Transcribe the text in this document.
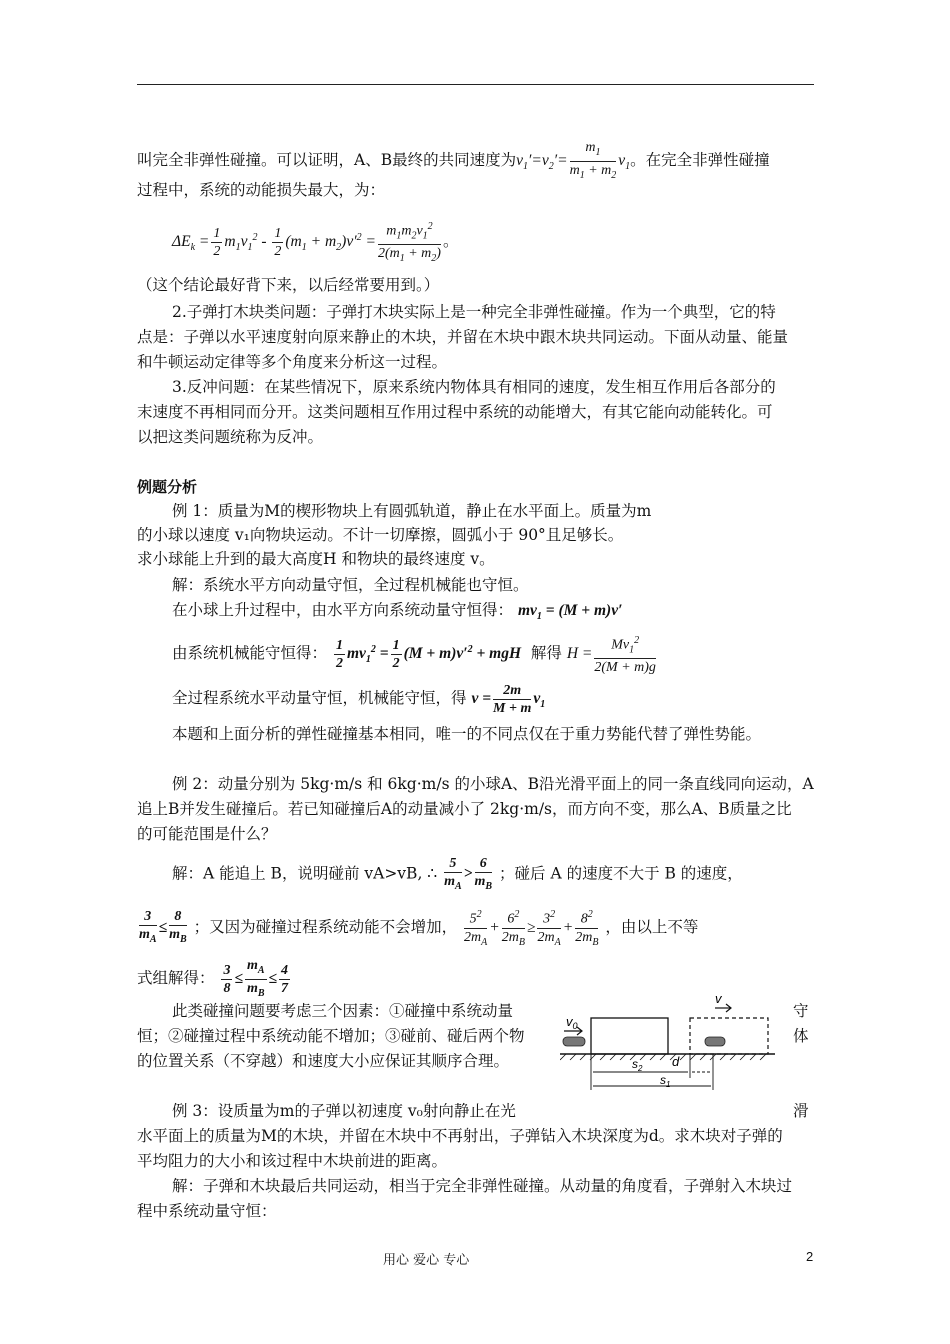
叫完全非弹性碰撞。可以证明，A、B最终的共同速度为$v_1'=v_2'= \frac{m_1}{m_1 + m_2} v_1$。在完全非弹性碰撞
过程中，系统的动能损失最大，为：
$\Delta E_k = \frac{1}{2} m_1v_1^2 - \frac{1}{2} (m_1 + m_2)v'^2 = \frac{m_1m_2v_1^2}{2(m_1 + m_2)}$ 。
（这个结论最好背下来，以后经常要用到。）
2.子弹打木块类问题：子弹打木块实际上是一种完全非弹性碰撞。作为一个典型，它的特
点是：子弹以水平速度射向原来静止的木块，并留在木块中跟木块共同运动。下面从动量、能量
和牛顿运动定律等多个角度来分析这一过程。
3.反冲问题：在某些情况下，原来系统内物体具有相同的速度，发生相互作用后各部分的
末速度不再相同而分开。这类问题相互作用过程中系统的动能增大，有其它能向动能转化。可
以把这类问题统称为反冲。
例题分析
例 1：质量为M的楔形物块上有圆弧轨道，静止在水平面上。质量为m
的小球以速度 v₁向物块运动。不计一切摩擦，圆弧小于 90°且足够长。
求小球能上升到的最大高度H 和物块的最终速度 v。
解：系统水平方向动量守恒，全过程机械能也守恒。
在小球上升过程中，由水平方向系统动量守恒得： $mv_1 = (M + m)v'$
由系统机械能守恒得： $\frac{1}{2} mv_1^2 = \frac{1}{2} (M + m)v'^2$ + mgH 解得 $H = \frac{Mv_1^2}{2(M + m)g}$
全过程系统水平动量守恒，机械能守恒，得 $v = \frac{2m}{M + m} v_1$
本题和上面分析的弹性碰撞基本相同，唯一的不同点仅在于重力势能代替了弹性势能。
例 2：动量分别为 5kg·m/s 和 6kg·m/s 的小球A、B沿光滑平面上的同一条直线同向运动，A
追上B并发生碰撞后。若已知碰撞后A的动量减小了 2kg·m/s，而方向不变，那么A、B质量之比
的可能范围是什么？
解：A 能追上 B，说明碰前 vA>vB, ∴ $\frac{5}{m_A} > \frac{6}{m_B}$ ；碰后 A 的速度不大于 B 的速度，
$\frac{3}{m_A} \le \frac{8}{m_B}$ ；又因为碰撞过程系统动能不会增加， $\frac{5^2}{2m_A} + \frac{6^2}{2m_B} \ge \frac{3^2}{2m_A} + \frac{8^2}{2m_B}$ ，由以上不等
式组解得： $\frac{3}{8} \le \frac{m_A}{m_B} \le \frac{4}{7}$
此类碰撞问题要考虑三个因素：①碰撞中系统动量	守
恒；②碰撞过程中系统动能不增加；③碰前、碰后两个物	体
的位置关系（不穿越）和速度大小应保证其顺序合理。
$v_0$
v
$s_2$ d
$s_1$
例 3：设质量为m的子弹以初速度 v₀射向静止在光	滑
水平面上的质量为M的木块，并留在木块中不再射出，子弹钻入木块深度为d。求木块对子弹的
平均阻力的大小和该过程中木块前进的距离。
解：子弹和木块最后共同运动，相当于完全非弹性碰撞。从动量的角度看，子弹射入木块过
程中系统动量守恒：
用心 爱心 专心	2
